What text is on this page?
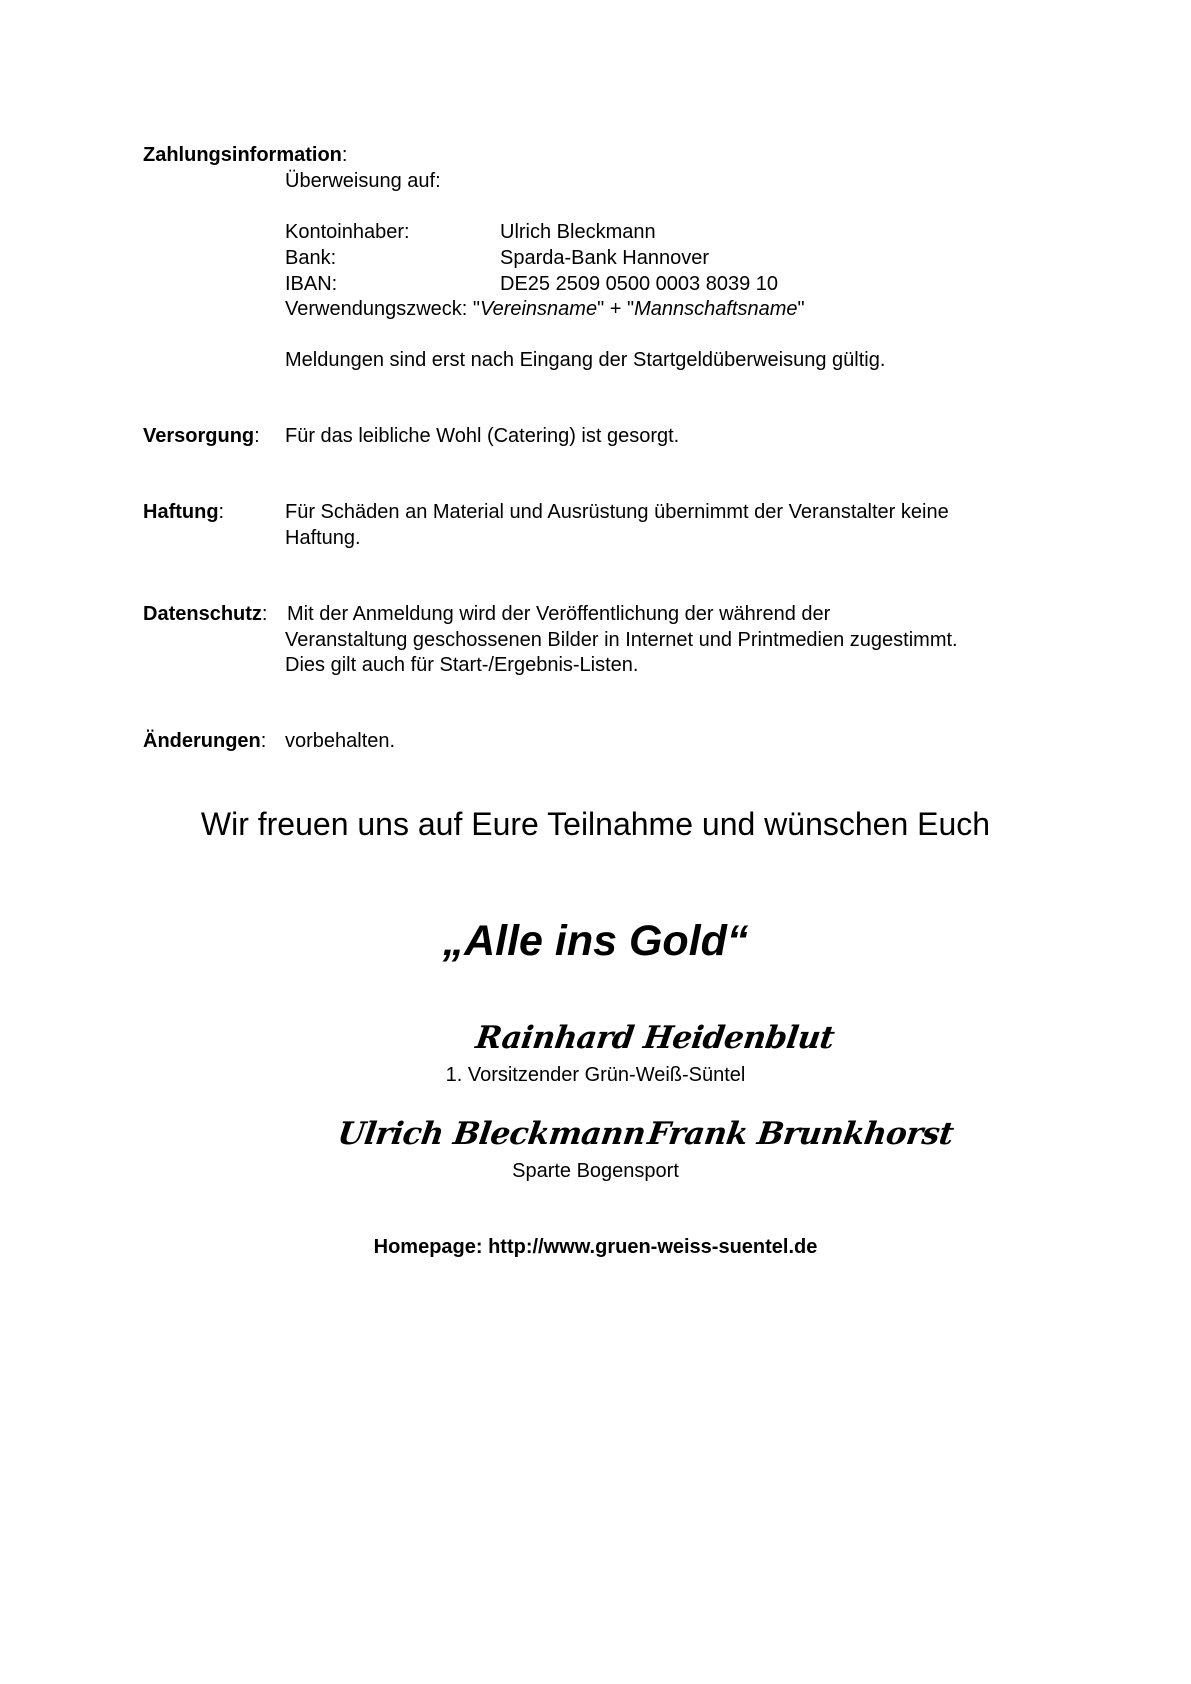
Zahlungsinformation:
Überweisung auf:
Kontoinhaber:	Ulrich Bleckmann
Bank:	Sparda-Bank Hannover
IBAN:	DE25 2509 0500 0003 8039 10
Verwendungszweck: "Vereinsname" + "Mannschaftsname"
Meldungen sind erst nach Eingang der Startgeldüberweisung gültig.
Versorgung: Für das leibliche Wohl (Catering) ist gesorgt.
Haftung:	Für Schäden an Material und Ausrüstung übernimmt der Veranstalter keine
Haftung.
Datenschutz: Mit der Anmeldung wird der Veröffentlichung der während der
Veranstaltung geschossenen Bilder in Internet und Printmedien zugestimmt.
Dies gilt auch für Start-/Ergebnis-Listen.
Änderungen: vorbehalten.
Wir freuen uns auf Eure Teilnahme und wünschen Euch
„Alle ins Gold“
Rainhard Heidenblut
1. Vorsitzender Grün-Weiß-Süntel
Ulrich Bleckmann
Frank Brunkhorst
Sparte Bogensport
Homepage: http://www.gruen-weiss-suentel.de
